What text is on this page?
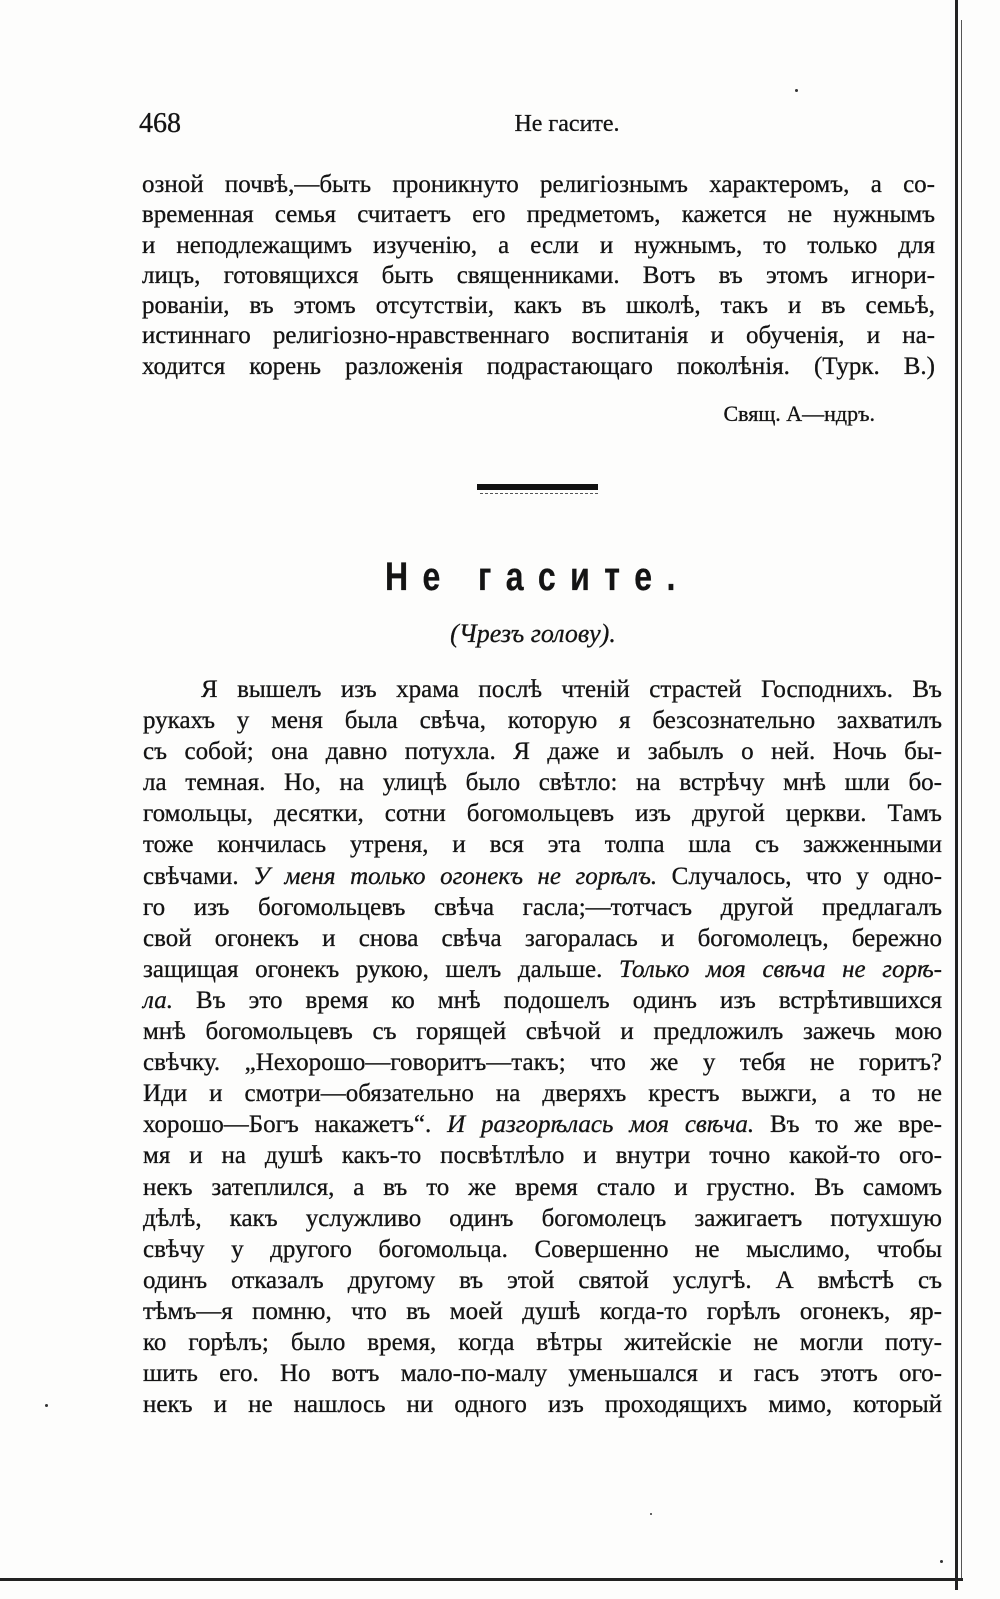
468	Не гасите.
озной почвѣ,—быть проникнуто религіознымъ характеромъ, а со-
временная семья считаетъ его предметомъ, кажется не нужнымъ
и неподлежащимъ изученію, а если и нужнымъ, то только для
лицъ, готовящихся быть священниками. Вотъ въ этомъ игнори-
рованіи, въ этомъ отсутствіи, какъ въ школѣ, такъ и въ семьѣ,
истиннаго религіозно-нравственнаго воспитанія и обученія, и на-
ходится корень разложенія подрастающаго поколѣнія. (Турк. В.)
Свящ. А—ндръ.
Не гасите.
(Чрезъ голову).
Я вышелъ изъ храма послѣ чтеній страстей Господнихъ. Въ
рукахъ у меня была свѣча, которую я безсознательно захватилъ
съ собой; она давно потухла. Я даже и забылъ о ней. Ночь бы-
ла темная. Но, на улицѣ было свѣтло: на встрѣчу мнѣ шли бо-
гомольцы, десятки, сотни богомольцевъ изъ другой церкви. Тамъ
тоже кончилась утреня, и вся эта толпа шла съ зажженными
свѣчами. У меня только огонекъ не горѣлъ. Случалось, что у одно-
го изъ богомольцевъ свѣча гасла;—тотчасъ другой предлагалъ
свой огонекъ и снова свѣча загоралась и богомолецъ, бережно
защищая огонекъ рукою, шелъ дальше. Только моя свѣча не горѣ-
ла. Въ это время ко мнѣ подошелъ одинъ изъ встрѣтившихся
мнѣ богомольцевъ съ горящей свѣчой и предложилъ зажечь мою
свѣчку. „Нехорошо—говоритъ—такъ; что же у тебя не горитъ?
Иди и смотри—обязательно на дверяхъ крестъ выжги, а то не
хорошо—Богъ накажетъ“. И разгорѣлась моя свѣча. Въ то же вре-
мя и на душѣ какъ-то посвѣтлѣло и внутри точно какой-то ого-
некъ затеплился, а въ то же время стало и грустно. Въ самомъ
дѣлѣ, какъ услужливо одинъ богомолецъ зажигаетъ потухшую
свѣчу у другого богомольца. Совершенно не мыслимо, чтобы
одинъ отказалъ другому въ этой святой услугѣ. А вмѣстѣ съ
тѣмъ—я помню, что въ моей душѣ когда-то горѣлъ огонекъ, яр-
ко горѣлъ; было время, когда вѣтры житейскіе не могли поту-
шить его. Но вотъ мало-по-малу уменьшался и гасъ этотъ ого-
некъ и не нашлось ни одного изъ проходящихъ мимо, который
